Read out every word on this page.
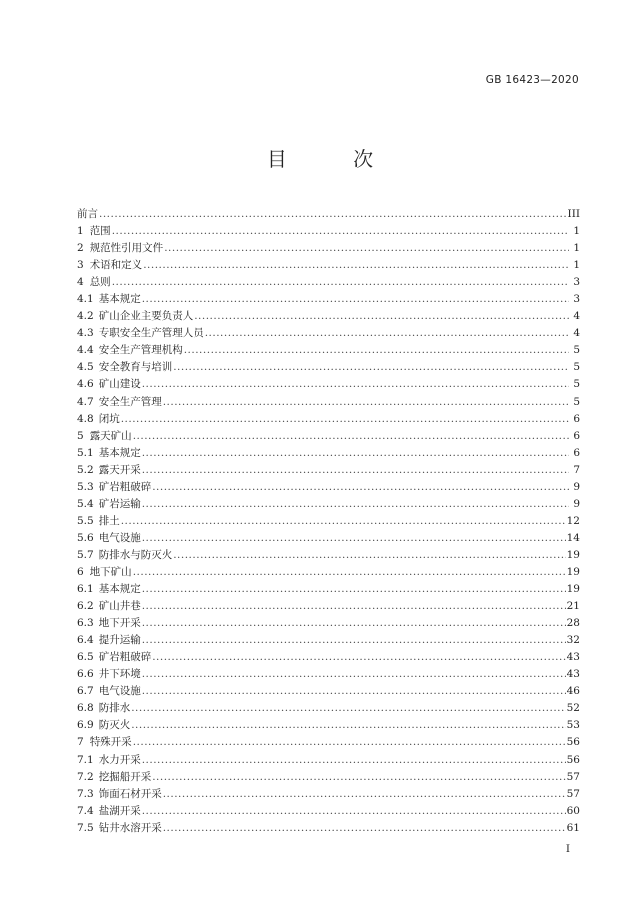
GB 16423—2020
目 次
前言 .....	III
1 范围 .....	1
2 规范性引用文件 .....	1
3 术语和定义 .....	1
4 总则 .....	3
4.1 基本规定 .....	3
4.2 矿山企业主要负责人 .....	4
4.3 专职安全生产管理人员 .....	4
4.4 安全生产管理机构 .....	5
4.5 安全教育与培训 .....	5
4.6 矿山建设 .....	5
4.7 安全生产管理 .....	5
4.8 闭坑 .....	6
5 露天矿山 .....	6
5.1 基本规定 .....	6
5.2 露天开采 .....	7
5.3 矿岩粗破碎 .....	9
5.4 矿岩运输 .....	9
5.5 排土 .....	12
5.6 电气设施 .....	14
5.7 防排水与防灭火 .....	19
6 地下矿山 .....	19
6.1 基本规定 .....	19
6.2 矿山井巷 .....	21
6.3 地下开采 .....	28
6.4 提升运输 .....	32
6.5 矿岩粗破碎 .....	43
6.6 井下环境 .....	43
6.7 电气设施 .....	46
6.8 防排水 .....	52
6.9 防灭火 .....	53
7 特殊开采 .....	56
7.1 水力开采 .....	56
7.2 挖掘船开采 .....	57
7.3 饰面石材开采 .....	57
7.4 盐湖开采 .....	60
7.5 钻井水溶开采 .....	61
I
